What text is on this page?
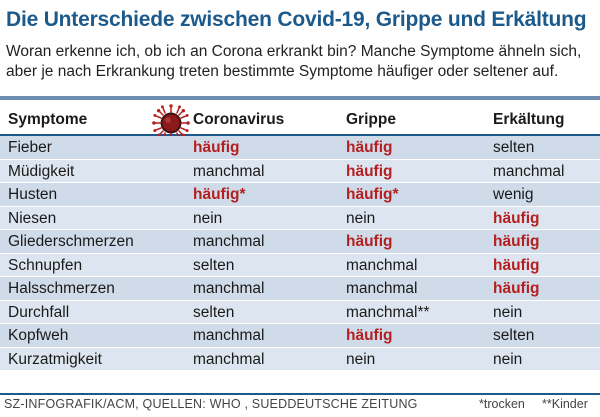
Die Unterschiede zwischen Covid-19, Grippe und Erkältung
Woran erkenne ich, ob ich an Corona erkrankt bin? Manche Symptome ähneln sich,
aber je nach Erkrankung treten bestimmte Symptome häufiger oder seltener auf.
Symptome	Coronavirus	Grippe	Erkältung
Fieber	häufig	häufig	selten
Müdigkeit	manchmal	häufig	manchmal
Husten	häufig*	häufig*	wenig
Niesen	nein	nein	häufig
Gliederschmerzen	manchmal	häufig	häufig
Schnupfen	selten	manchmal	häufig
Halsschmerzen	manchmal	manchmal	häufig
Durchfall	selten	manchmal**	nein
Kopfweh	manchmal	häufig	selten
Kurzatmigkeit	manchmal	nein	nein
SZ-INFOGRAFIK/ACM, QUELLEN: WHO , SUEDDEUTSCHE ZEITUNG	*trocken **Kinder
